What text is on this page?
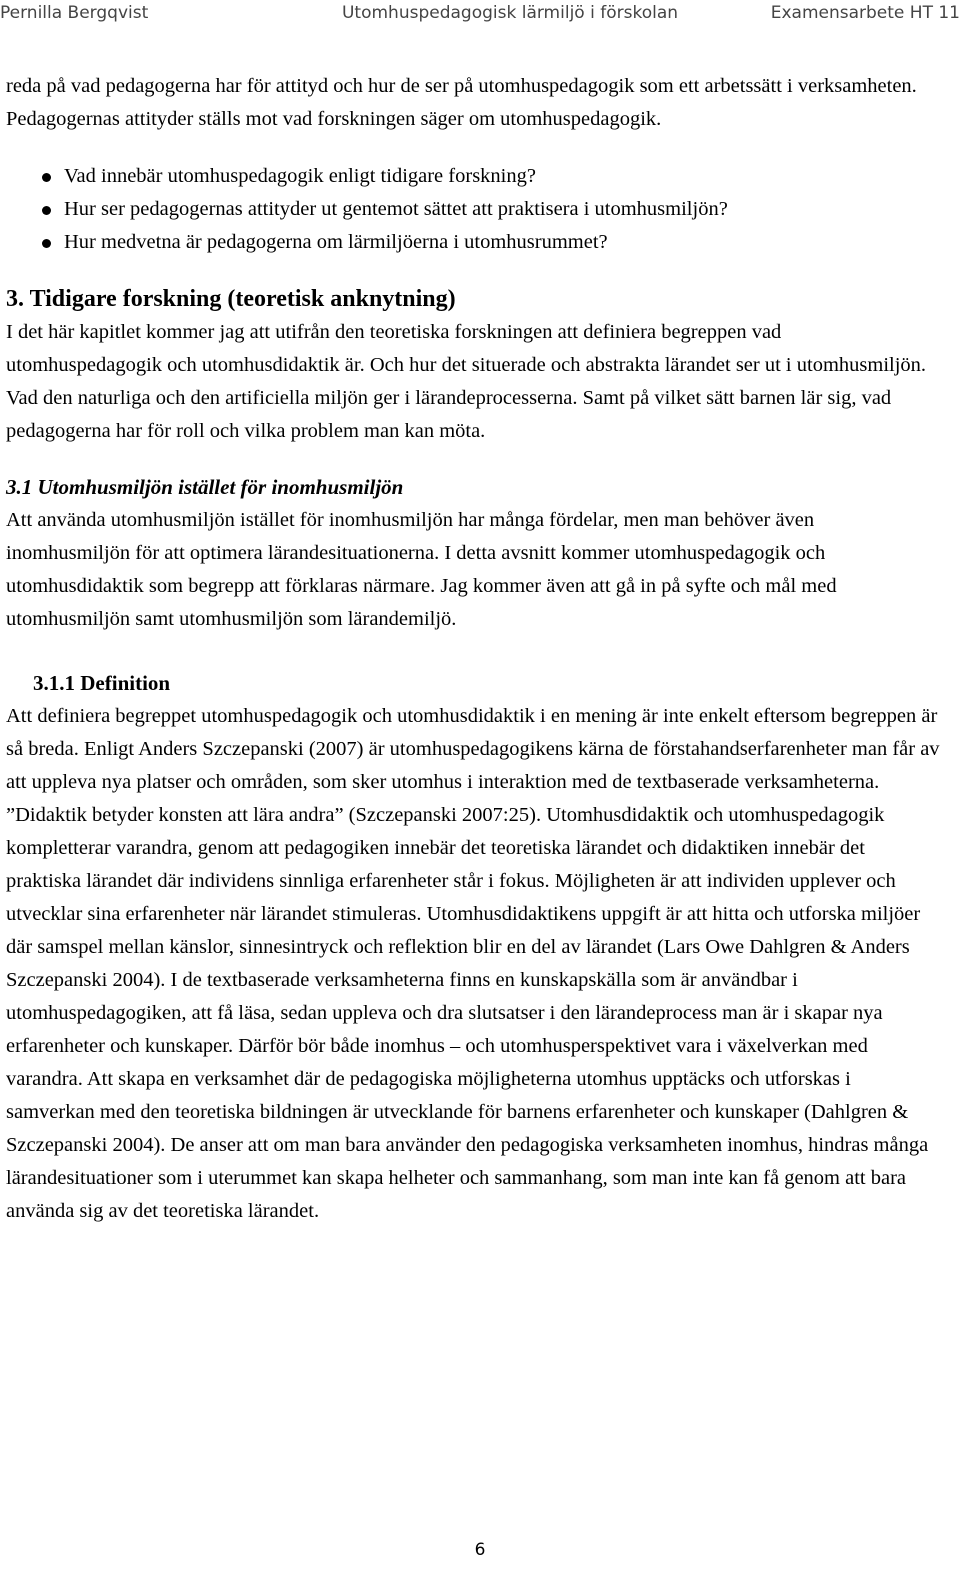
Pernilla Bergqvist	Utomhuspedagogisk lärmiljö i förskolan	Examensarbete HT 11

reda på vad pedagogerna har för attityd och hur de ser på utomhuspedagogik som ett arbetssätt i verksamheten. Pedagogernas attityder ställs mot vad forskningen säger om utomhuspedagogik.

Vad innebär utomhuspedagogik enligt tidigare forskning?
Hur ser pedagogernas attityder ut gentemot sättet att praktisera i utomhusmiljön?
Hur medvetna är pedagogerna om lärmiljöerna i utomhusrummet?

3. Tidigare forskning (teoretisk anknytning)

I det här kapitlet kommer jag att utifrån den teoretiska forskningen att definiera begreppen vad utomhuspedagogik och utomhusdidaktik är. Och hur det situerade och abstrakta lärandet ser ut i utomhusmiljön. Vad den naturliga och den artificiella miljön ger i lärandeprocesserna. Samt på vilket sätt barnen lär sig, vad pedagogerna har för roll och vilka problem man kan möta.

3.1 Utomhusmiljön istället för inomhusmiljön

Att använda utomhusmiljön istället för inomhusmiljön har många fördelar, men man behöver även inomhusmiljön för att optimera lärandesituationerna. I detta avsnitt kommer utomhuspedagogik och utomhusdidaktik som begrepp att förklaras närmare. Jag kommer även att gå in på syfte och mål med utomhusmiljön samt utomhusmiljön som lärandemiljö.

3.1.1 Definition

Att definiera begreppet utomhuspedagogik och utomhusdidaktik i en mening är inte enkelt eftersom begreppen är så breda. Enligt Anders Szczepanski (2007) är utomhuspedagogikens kärna de förstahandserfarenheter man får av att uppleva nya platser och områden, som sker utomhus i interaktion med de textbaserade verksamheterna. ”Didaktik betyder konsten att lära andra” (Szczepanski 2007:25). Utomhusdidaktik och utomhuspedagogik kompletterar varandra, genom att pedagogiken innebär det teoretiska lärandet och didaktiken innebär det praktiska lärandet där individens sinnliga erfarenheter står i fokus. Möjligheten är att individen upplever och utvecklar sina erfarenheter när lärandet stimuleras. Utomhusdidaktikens uppgift är att hitta och utforska miljöer där samspel mellan känslor, sinnesintryck och reflektion blir en del av lärandet (Lars Owe Dahlgren & Anders Szczepanski 2004). I de textbaserade verksamheterna finns en kunskapskälla som är användbar i utomhuspedagogiken, att få läsa, sedan uppleva och dra slutsatser i den lärandeprocess man är i skapar nya erfarenheter och kunskaper. Därför bör både inomhus – och utomhusperspektivet vara i växelverkan med varandra. Att skapa en verksamhet där de pedagogiska möjligheterna utomhus upptäcks och utforskas i samverkan med den teoretiska bildningen är utvecklande för barnens erfarenheter och kunskaper (Dahlgren & Szczepanski 2004). De anser att om man bara använder den pedagogiska verksamheten inomhus, hindras många lärandesituationer som i uterummet kan skapa helheter och sammanhang, som man inte kan få genom att bara använda sig av det teoretiska lärandet.

6
